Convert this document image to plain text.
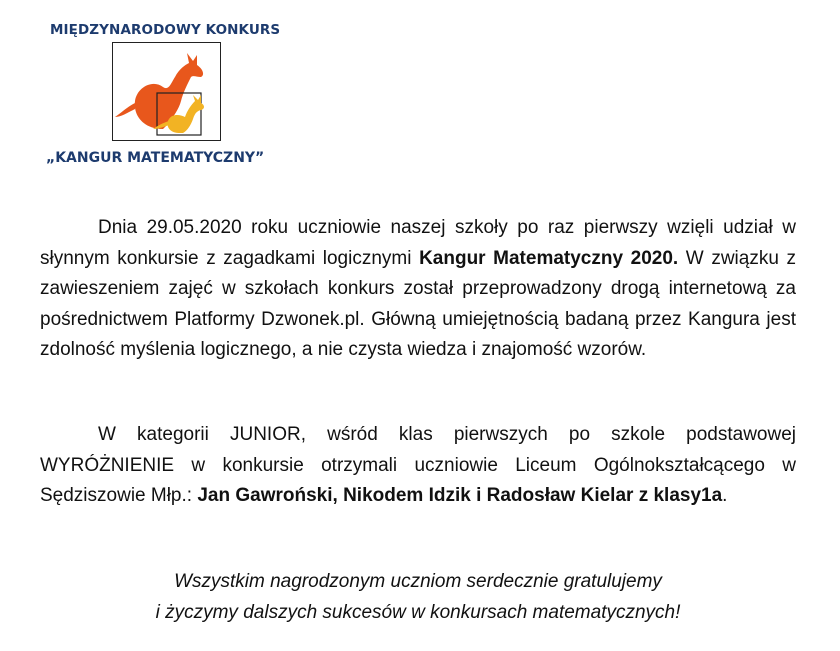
MIĘDZYNARODOWY KONKURS
„KANGUR MATEMATYCZNY”

Dnia 29.05.2020 roku uczniowie naszej szkoły po raz pierwszy wzięli udział w słynnym konkursie z zagadkami logicznymi Kangur Matematyczny 2020. W związku z zawieszeniem zajęć w szkołach konkurs został przeprowadzony drogą internetową za pośrednictwem Platformy Dzwonek.pl. Główną umiejętnością badaną przez Kangura jest zdolność myślenia logicznego, a nie czysta wiedza i znajomość wzorów.

W kategorii JUNIOR, wśród klas pierwszych po szkole podstawowej WYRÓŻNIENIE w konkursie otrzymali uczniowie Liceum Ogólnokształcącego w Sędziszowie Młp.: Jan Gawroński, Nikodem Idzik i Radosław Kielar z klasy1a.

Wszystkim nagrodzonym uczniom serdecznie gratulujemy
i życzymy dalszych sukcesów w konkursach matematycznych!
